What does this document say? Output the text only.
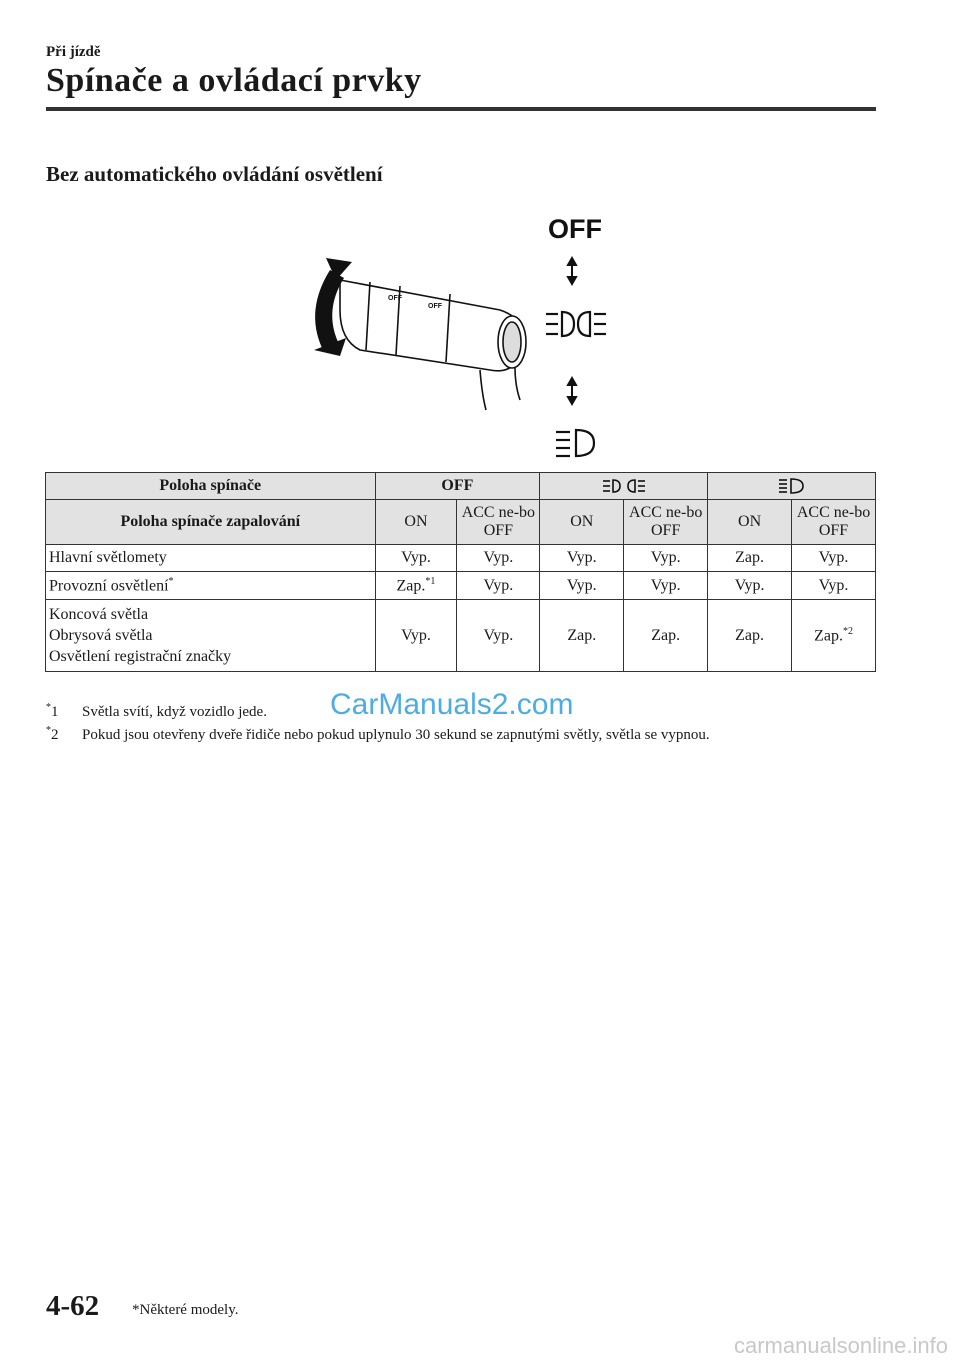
Při jízdě
Spínače a ovládací prvky
Bez automatického ovládání osvětlení
OFF
OFF
OFF
Poloha spínače	OFF		
Poloha spínače zapalování	ON	ACC ne-bo OFF	ON	ACC ne-bo OFF	ON	ACC ne-bo OFF
Hlavní světlomety	Vyp.	Vyp.	Vyp.	Vyp.	Zap.	Vyp.
Provozní osvětlení*	Zap.$^{*1}$	Vyp.	Vyp.	Vyp.	Vyp.	Vyp.

Koncová světla
Obrysová světla
Osvětlení registrační značky	Vyp.	Vyp.	Zap.	Zap.	Zap.	Zap.$^{*2}$
*1 Světla svítí, když vozidlo jede.
*2 Pokud jsou otevřeny dveře řidiče nebo pokud uplynulo 30 sekund se zapnutými světly, světla se vypnou.
CarManuals2.com
4-62 *Některé modely.
carmanualsonline.info
